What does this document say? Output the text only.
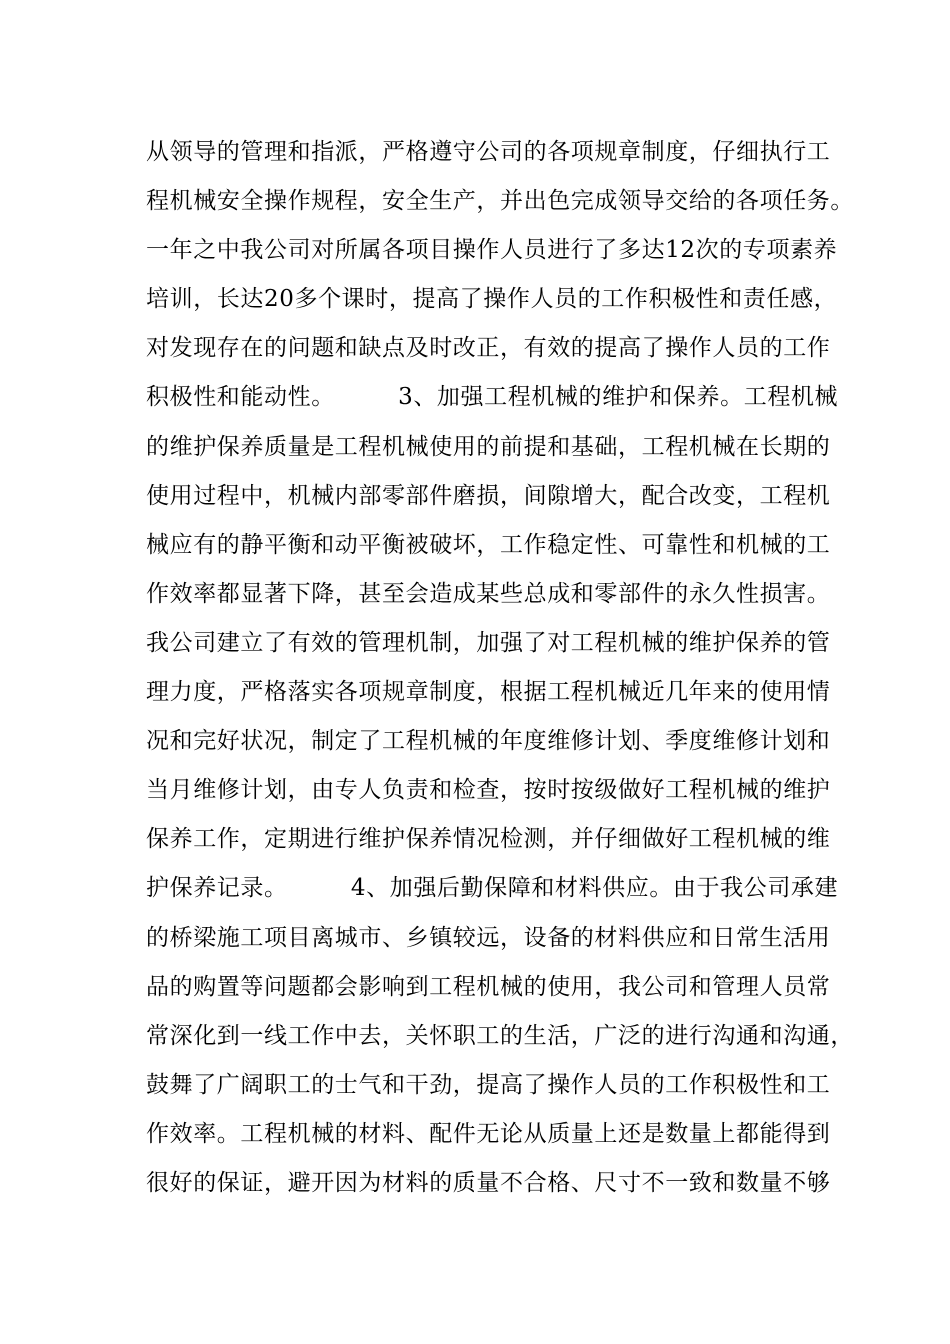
从领导的管理和指派，严格遵守公司的各项规章制度，仔细执行工
程机械安全操作规程，安全生产，并出色完成领导交给的各项任务。
一年之中我公司对所属各项目操作人员进行了多达12次的专项素养
培训，长达20多个课时，提高了操作人员的工作积极性和责任感，
对发现存在的问题和缺点及时改正，有效的提高了操作人员的工作
积极性和能动性。        3、加强工程机械的维护和保养。工程机械
的维护保养质量是工程机械使用的前提和基础，工程机械在长期的
使用过程中，机械内部零部件磨损，间隙增大，配合改变，工程机
械应有的静平衡和动平衡被破坏，工作稳定性、可靠性和机械的工
作效率都显著下降，甚至会造成某些总成和零部件的永久性损害。
我公司建立了有效的管理机制，加强了对工程机械的维护保养的管
理力度，严格落实各项规章制度，根据工程机械近几年来的使用情
况和完好状况，制定了工程机械的年度维修计划、季度维修计划和
当月维修计划，由专人负责和检查，按时按级做好工程机械的维护
保养工作，定期进行维护保养情况检测，并仔细做好工程机械的维
护保养记录。        4、加强后勤保障和材料供应。由于我公司承建
的桥梁施工项目离城市、乡镇较远，设备的材料供应和日常生活用
品的购置等问题都会影响到工程机械的使用，我公司和管理人员常
常深化到一线工作中去，关怀职工的生活，广泛的进行沟通和沟通，
鼓舞了广阔职工的士气和干劲，提高了操作人员的工作积极性和工
作效率。工程机械的材料、配件无论从质量上还是数量上都能得到
很好的保证，避开因为材料的质量不合格、尺寸不一致和数量不够
